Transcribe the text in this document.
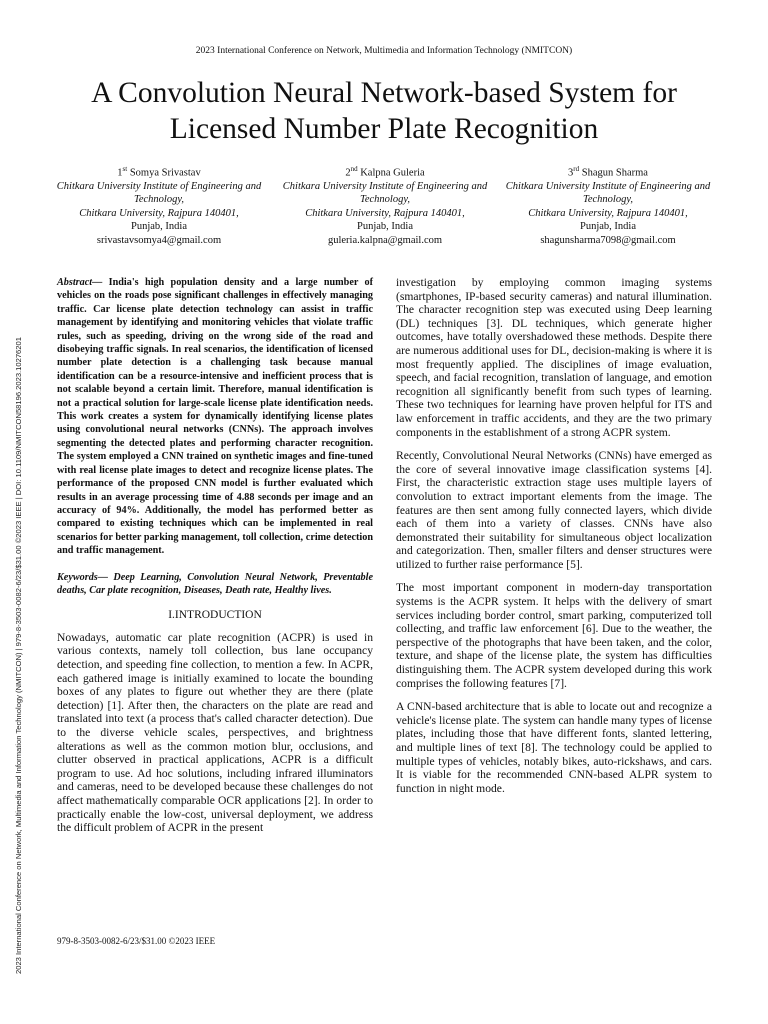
2023 International Conference on Network, Multimedia and Information Technology (NMITCON)
A Convolution Neural Network-based System for Licensed Number Plate Recognition
1st Somya Srivastav
Chitkara University Institute of Engineering and Technology,
Chitkara University, Rajpura 140401,
Punjab, India
srivastavsomya4@gmail.com
2nd Kalpna Guleria
Chitkara University Institute of Engineering and Technology,
Chitkara University, Rajpura 140401,
Punjab, India
guleria.kalpna@gmail.com
3rd Shagun Sharma
Chitkara University Institute of Engineering and Technology,
Chitkara University, Rajpura 140401,
Punjab, India
shagunsharma7098@gmail.com

Abstract— India's high population density and a large number of vehicles on the roads pose significant challenges in effectively managing traffic. Car license plate detection technology can assist in traffic management by identifying and monitoring vehicles that violate traffic rules, such as speeding, driving on the wrong side of the road and disobeying traffic signals. In real scenarios, the identification of licensed number plate detection is a challenging task because manual identification can be a resource-intensive and inefficient process that is not scalable beyond a certain limit. Therefore, manual identification is not a practical solution for large-scale license plate identification needs. This work creates a system for dynamically identifying license plates using convolutional neural networks (CNNs). The approach involves segmenting the detected plates and performing character recognition. The system employed a CNN trained on synthetic images and fine-tuned with real license plate images to detect and recognize license plates. The performance of the proposed CNN model is further evaluated which results in an average processing time of 4.88 seconds per image and an accuracy of 94%. Additionally, the model has performed better as compared to existing techniques which can be implemented in real scenarios for better parking management, toll collection, crime detection and traffic management.

Keywords— Deep Learning, Convolution Neural Network, Preventable deaths, Car plate recognition, Diseases, Death rate, Healthy lives.

I.INTRODUCTION

Nowadays, automatic car plate recognition (ACPR) is used in various contexts, namely toll collection, bus lane occupancy detection, and speeding fine collection, to mention a few. In ACPR, each gathered image is initially examined to locate the bounding boxes of any plates to figure out whether they are there (plate detection) [1]. After then, the characters on the plate are read and translated into text (a process that's called character detection). Due to the diverse vehicle scales, perspectives, and brightness alterations as well as the common motion blur, occlusions, and clutter observed in practical applications, ACPR is a difficult program to use. Ad hoc solutions, including infrared illuminators and cameras, need to be developed because these challenges do not affect mathematically comparable OCR applications [2]. In order to practically enable the low-cost, universal deployment, we address the difficult problem of ACPR in the present

investigation by employing common imaging systems (smartphones, IP-based security cameras) and natural illumination. The character recognition step was executed using Deep learning (DL) techniques [3]. DL techniques, which generate higher outcomes, have totally overshadowed these methods. Despite there are numerous additional uses for DL, decision-making is where it is most frequently applied. The disciplines of image evaluation, speech, and facial recognition, translation of language, and emotion recognition all significantly benefit from such types of learning. These two techniques for learning have proven helpful for ITS and law enforcement in traffic accidents, and they are the two primary components in the establishment of a strong ACPR system.

Recently, Convolutional Neural Networks (CNNs) have emerged as the core of several innovative image classification systems [4]. First, the characteristic extraction stage uses multiple layers of convolution to extract important elements from the image. The features are then sent among fully connected layers, which divide each of them into a variety of classes. CNNs have also demonstrated their suitability for simultaneous object localization and categorization. Then, smaller filters and denser structures were utilized to further raise performance [5].

The most important component in modern-day transportation systems is the ACPR system. It helps with the delivery of smart services including border control, smart parking, computerized toll collecting, and traffic law enforcement [6]. Due to the weather, the perspective of the photographs that have been taken, and the color, texture, and shape of the license plate, the system has difficulties distinguishing them. The ACPR system developed during this work comprises the following features [7].

A CNN-based architecture that is able to locate out and recognize a vehicle's license plate. The system can handle many types of license plates, including those that have different fonts, slanted lettering, and multiple lines of text [8]. The technology could be applied to multiple types of vehicles, notably bikes, auto-rickshaws, and cars. It is viable for the recommended CNN-based ALPR system to function in night mode.

979-8-3503-0082-6/23/$31.00 ©2023 IEEE
2023 International Conference on Network, Multimedia and Information Technology (NMITCON) | 979-8-3503-0082-6/23/$31.00 ©2023 IEEE | DOI: 10.1109/NMITCON58196.2023.10276201
